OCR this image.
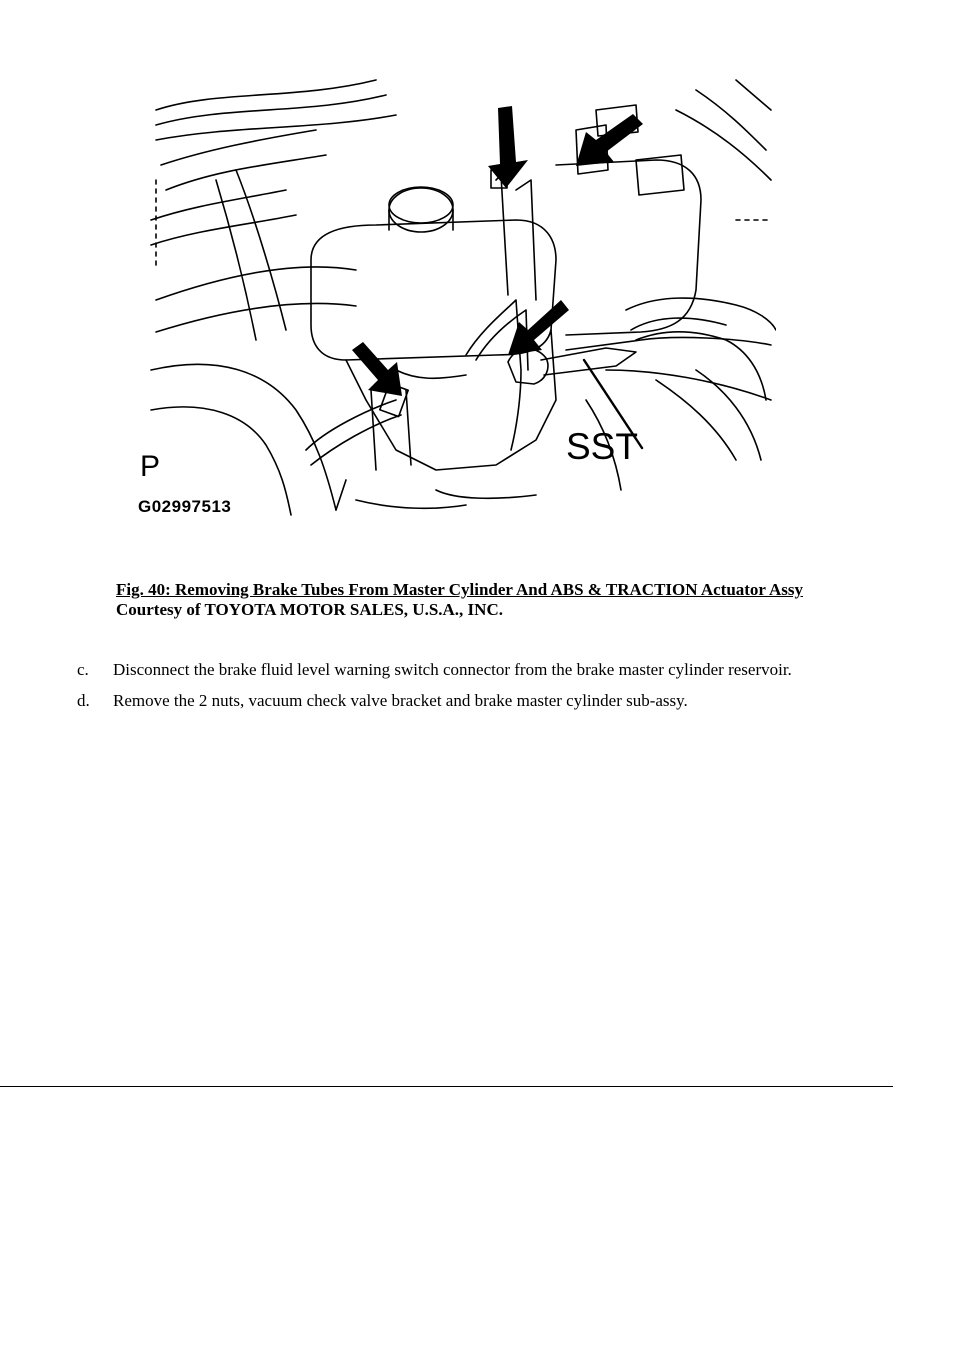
SST
P
G02997513
Fig. 40: Removing Brake Tubes From Master Cylinder And ABS & TRACTION Actuator Assy
Courtesy of TOYOTA MOTOR SALES, U.S.A., INC.
c.	Disconnect the brake fluid level warning switch connector from the brake master cylinder reservoir.
d.	Remove the 2 nuts, vacuum check valve bracket and brake master cylinder sub-assy.
